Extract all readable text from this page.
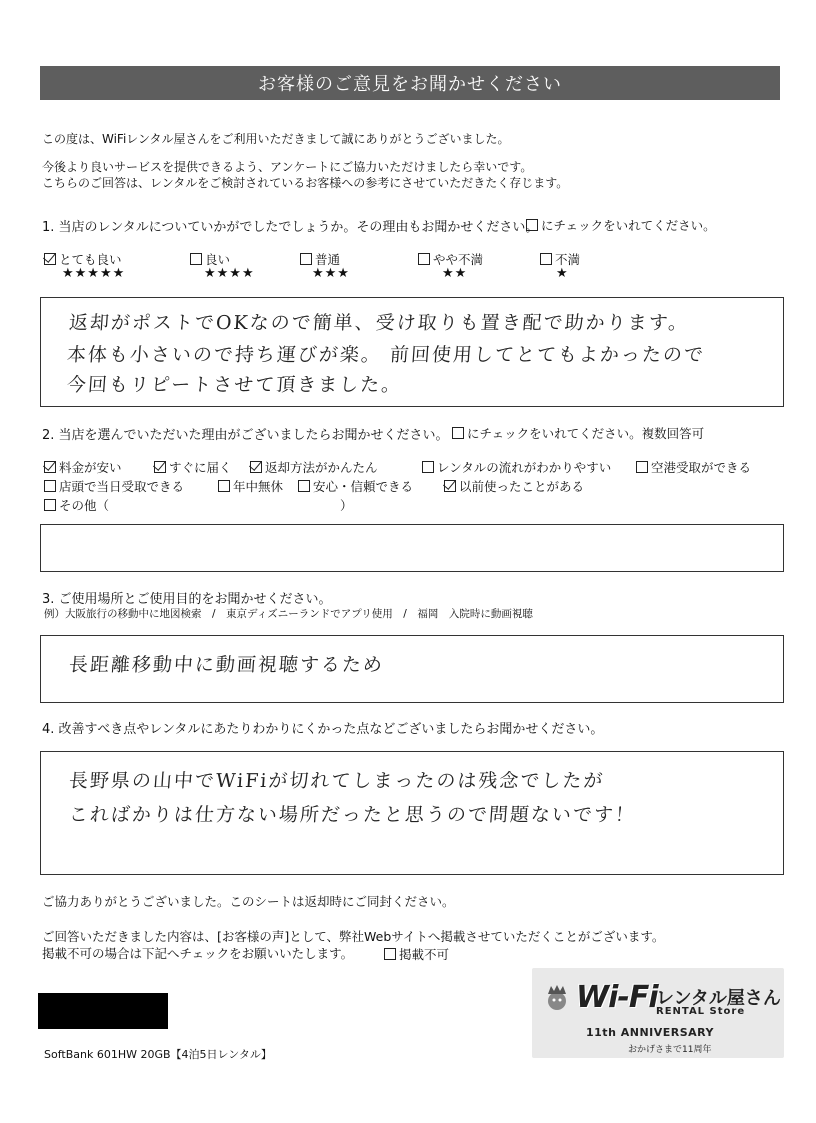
お客様のご意見をお聞かせください
この度は、WiFiレンタル屋さんをご利用いただきまして誠にありがとうございました。
今後より良いサービスを提供できるよう、アンケートにご協力いただけましたら幸いです。
こちらのご回答は、レンタルをご検討されているお客様への参考にさせていただきたく存じます。
1. 当店のレンタルについていかがでしたでしょうか。その理由もお聞かせください。 にチェックをいれてください。
とても良い
★★★★★
良い
★★★★
普通
★★★
やや不満
★★
不満
★
返却がポストでOKなので簡単、受け取りも置き配で助かります。
本体も小さいので持ち運びが楽。 前回使用してとてもよかったので
今回もリピートさせて頂きました。
2. 当店を選んでいただいた理由がございましたらお聞かせください。 にチェックをいれてください。複数回答可
料金が安い	すぐに届く	返却方法がかんたん	レンタルの流れがわかりやすい	空港受取ができる
店頭で当日受取できる	年中無休 安心・信頼できる	以前使ったことがある
その他（	）
3. ご使用場所とご使用目的をお聞かせください。
例）大阪旅行の移動中に地図検索　/　東京ディズニーランドでアプリ使用　/　福岡　入院時に動画視聴
長距離移動中に動画視聴するため
4. 改善すべき点やレンタルにあたりわかりにくかった点などございましたらお聞かせください。
長野県の山中でWiFiが切れてしまったのは残念でしたが
こればかりは仕方ない場所だったと思うので問題ないです！
ご協力ありがとうございました。このシートは返却時にご同封ください。
ご回答いただきました内容は、[お客様の声]として、弊社Webサイトへ掲載させていただくことがございます。
掲載不可の場合は下記へチェックをお願いいたします。	掲載不可
SoftBank 601HW 20GB【4泊5日レンタル】
Wi-Fi
レンタル屋さん
RENTAL Store
11th ANNIVERSARY
おかげさまで11周年
